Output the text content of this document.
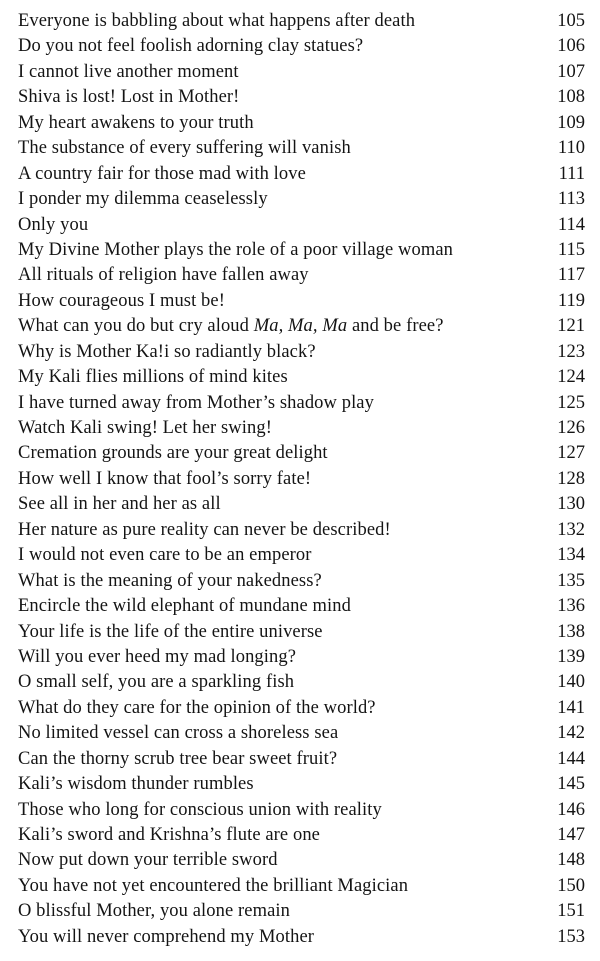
Everyone is babbling about what happens after death	105
Do you not feel foolish adorning clay statues?	106
I cannot live another moment	107
Shiva is lost! Lost in Mother!	108
My heart awakens to your truth	109
The substance of every suffering will vanish	110
A country fair for those mad with love	111
I ponder my dilemma ceaselessly	113
Only you	114
My Divine Mother plays the role of a poor village woman	115
All rituals of religion have fallen away	117
How courageous I must be!	119
What can you do but cry aloud Ma, Ma, Ma and be free?	121
Why is Mother Ka!i so radiantly black?	123
My Kali flies millions of mind kites	124
I have turned away from Mother’s shadow play	125
Watch Kali swing! Let her swing!	126
Cremation grounds are your great delight	127
How well I know that fool’s sorry fate!	128
See all in her and her as all	130
Her nature as pure reality can never be described!	132
I would not even care to be an emperor	134
What is the meaning of your nakedness?	135
Encircle the wild elephant of mundane mind	136
Your life is the life of the entire universe	138
Will you ever heed my mad longing?	139
O small self, you are a sparkling fish	140
What do they care for the opinion of the world?	141
No limited vessel can cross a shoreless sea	142
Can the thorny scrub tree bear sweet fruit?	144
Kali’s wisdom thunder rumbles	145
Those who long for conscious union with reality	146
Kali’s sword and Krishna’s flute are one	147
Now put down your terrible sword	148
You have not yet encountered the brilliant Magician	150
O blissful Mother, you alone remain	151
You will never comprehend my Mother	153
